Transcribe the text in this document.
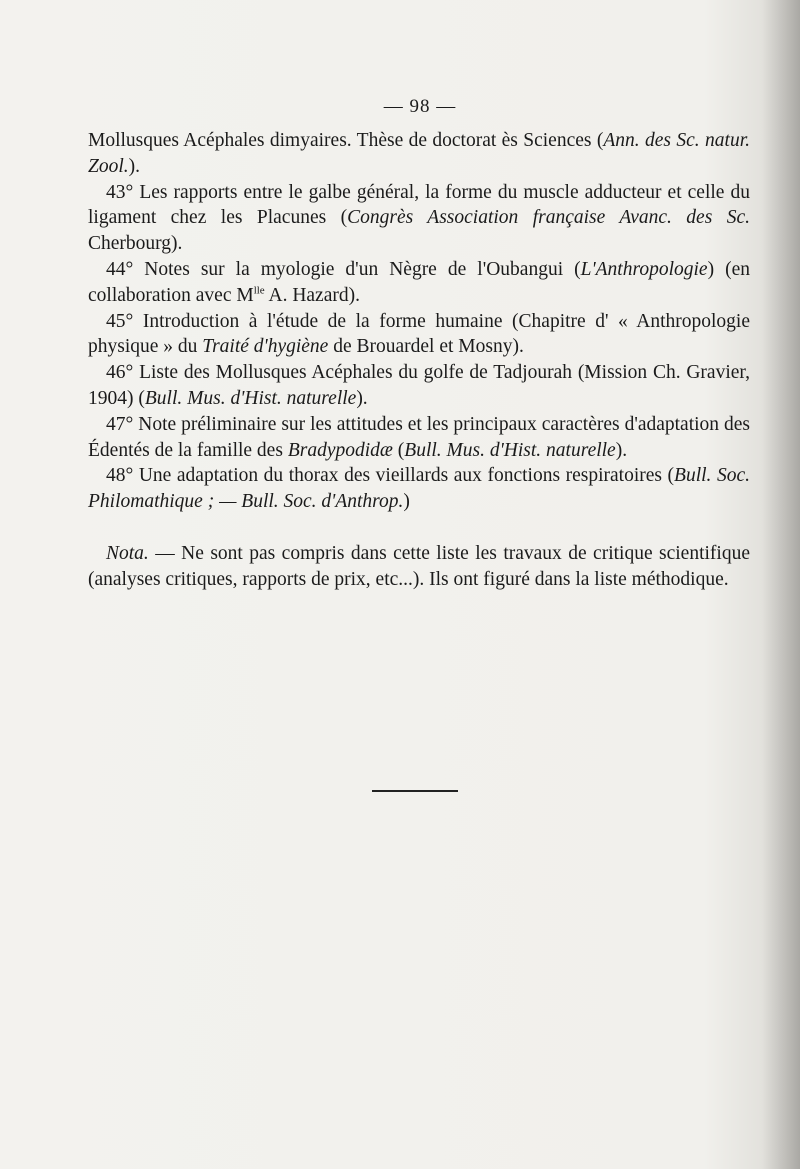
— 98 —

Mollusques Acéphales dimyaires. Thèse de doctorat ès Sciences (Ann. des Sc. natur. Zool.).

43° Les rapports entre le galbe général, la forme du muscle adducteur et celle du ligament chez les Placunes (Congrès Association française Avanc. des Sc. Cherbourg).

44° Notes sur la myologie d'un Nègre de l'Oubangui (L'Anthropologie) (en collaboration avec $M^{lle}$ A. Hazard).

45° Introduction à l'étude de la forme humaine (Chapitre d' « Anthropologie physique » du Traité d'hygiène de Brouardel et Mosny).

46° Liste des Mollusques Acéphales du golfe de Tadjourah (Mission Ch. Gravier, 1904) (Bull. Mus. d'Hist. naturelle).

47° Note préliminaire sur les attitudes et les principaux caractères d'adaptation des Édentés de la famille des Bradypodidæ (Bull. Mus. d'Hist. naturelle).

48° Une adaptation du thorax des vieillards aux fonctions respiratoires (Bull. Soc. Philomathique ; — Bull. Soc. d'Anthrop.)

Nota. — Ne sont pas compris dans cette liste les travaux de critique scientifique (analyses critiques, rapports de prix, etc...). Ils ont figuré dans la liste méthodique.
